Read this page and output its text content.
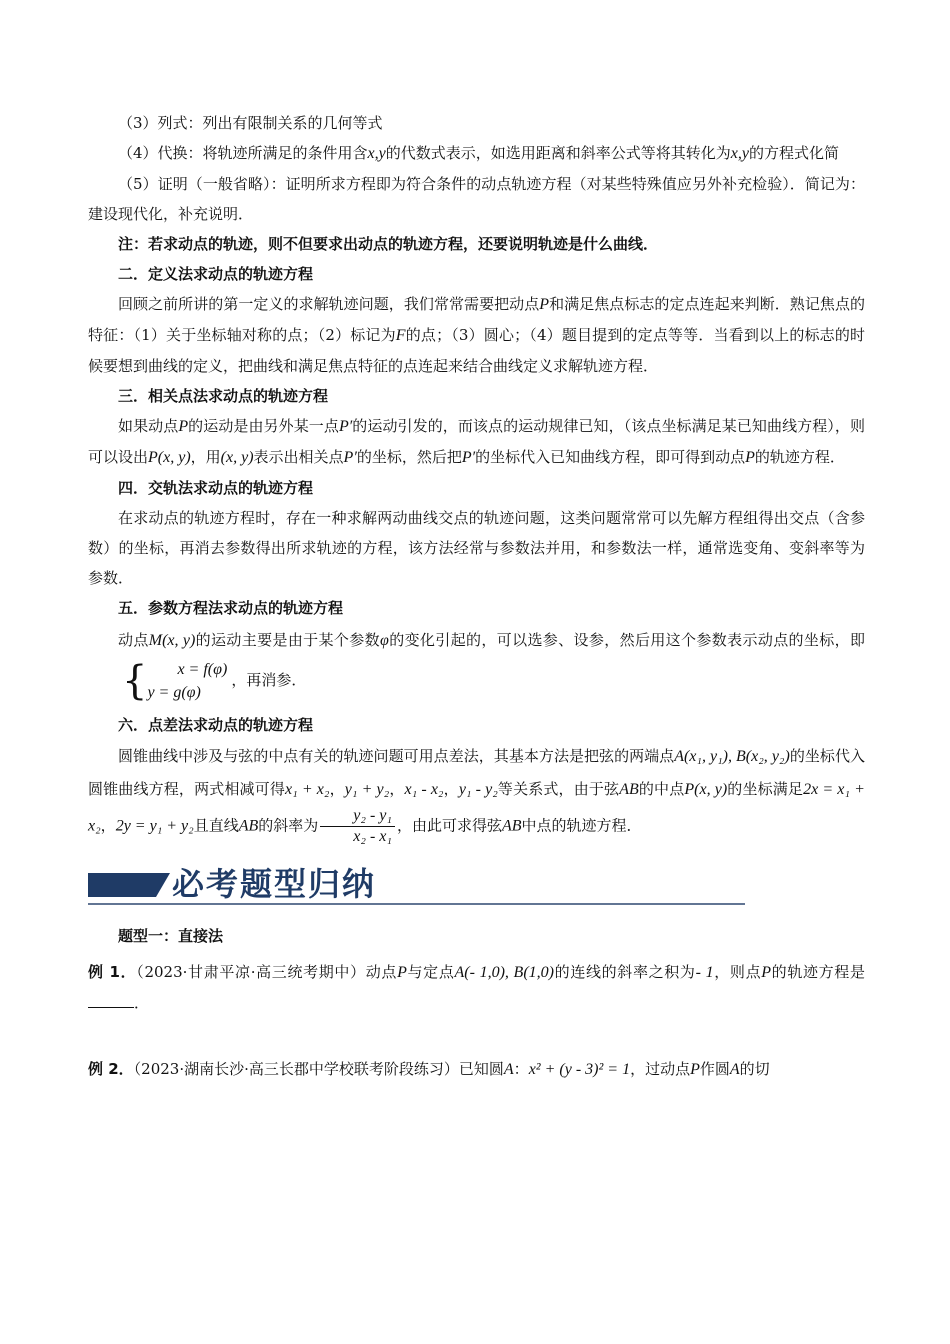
（3）列式：列出有限制关系的几何等式

（4）代换：将轨迹所满足的条件用含x,y的代数式表示，如选用距离和斜率公式等将其转化为x,y的方程式化简

（5）证明（一般省略）：证明所求方程即为符合条件的动点轨迹方程（对某些特殊值应另外补充检验）．简记为：建设现代化，补充说明．

注：若求动点的轨迹，则不但要求出动点的轨迹方程，还要说明轨迹是什么曲线．

二．定义法求动点的轨迹方程

回顾之前所讲的第一定义的求解轨迹问题，我们常常需要把动点P和满足焦点标志的定点连起来判断．熟记焦点的特征：（1）关于坐标轴对称的点；（2）标记为F的点；（3）圆心；（4）题目提到的定点等等．当看到以上的标志的时候要想到曲线的定义，把曲线和满足焦点特征的点连起来结合曲线定义求解轨迹方程．

三．相关点法求动点的轨迹方程

如果动点P的运动是由另外某一点P′的运动引发的，而该点的运动规律已知，（该点坐标满足某已知曲线方程），则可以设出P(x, y)，用(x, y)表示出相关点P′的坐标，然后把P′的坐标代入已知曲线方程，即可得到动点P的轨迹方程．

四．交轨法求动点的轨迹方程

在求动点的轨迹方程时，存在一种求解两动曲线交点的轨迹问题，这类问题常常可以先解方程组得出交点（含参数）的坐标，再消去参数得出所求轨迹的方程，该方法经常与参数法并用，和参数法一样，通常选变角、变斜率等为参数．

五．参数方程法求动点的轨迹方程

动点M(x, y)的运动主要是由于某个参数φ的变化引起的，可以选参、设参，然后用这个参数表示动点的坐标，即
{	x = f(φ)
y = g(φ)
，再消参．

六．点差法求动点的轨迹方程

圆锥曲线中涉及与弦的中点有关的轨迹问题可用点差法，其基本方法是把弦的两端点A(x₁, y₁), B(x₂, y₂)的坐标代入圆锥曲线方程，两式相减可得x₁ + x₂，y₁ + y₂，x₁ - x₂，y₁ - y₂等关系式，由于弦AB的中点P(x, y)的坐标满足2x = x₁ + x₂，2y = y₁ + y₂且直线AB的斜率为 $\frac{\text{y₂ - y₁}}{\text{x₂ - x₁}}$ ，由此可求得弦AB中点的轨迹方程．

必考题型归纳

题型一：直接法

例 1．（2023·甘肃平凉·高三统考期中）动点P与定点A(- 1,0), B(1,0)的连线的斜率之积为- 1，则点P的轨迹方程是．

例 2．（2023·湖南长沙·高三长郡中学校联考阶段练习）已知圆A：x² + (y - 3)² = 1，过动点P作圆A的切
